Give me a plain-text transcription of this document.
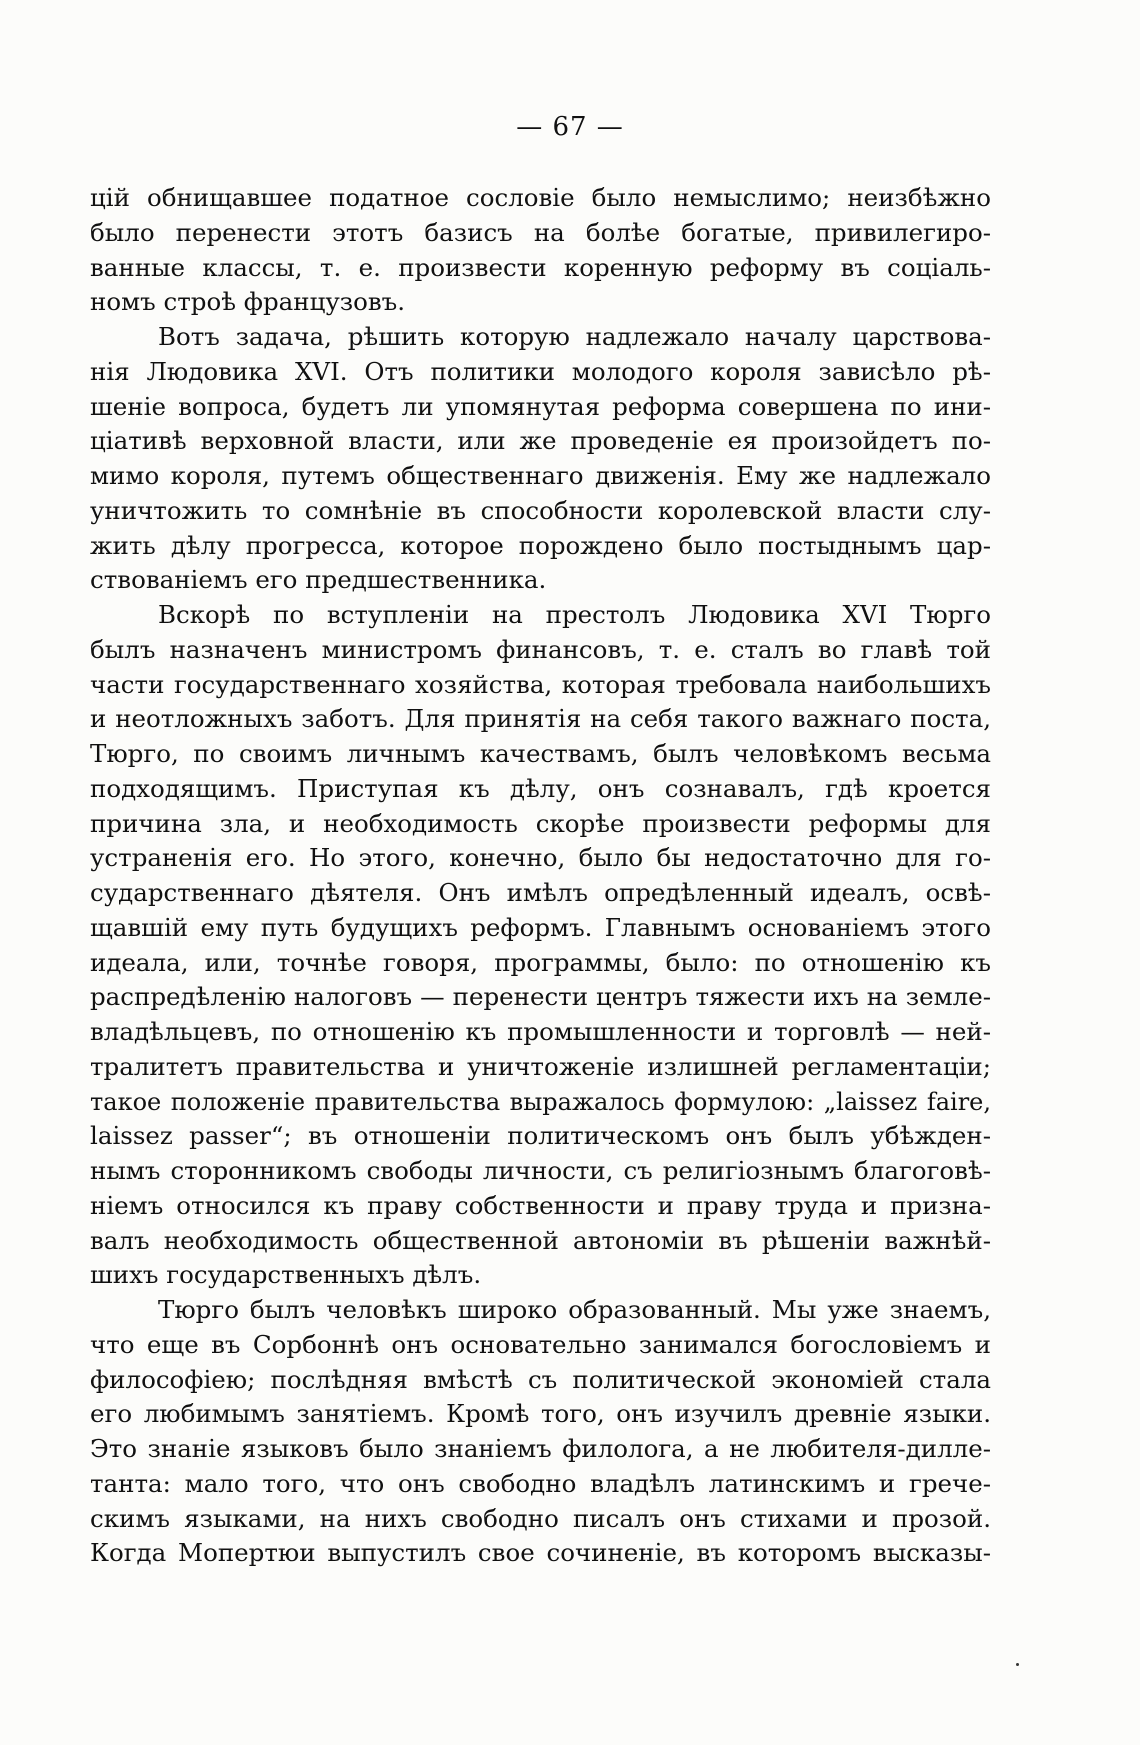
— 67 —
цій обнищавшее податное сословіе было немыслимо; неизбѣжно
было перенести этотъ базисъ на болѣе богатые, привилегиро-
ванные классы, т. е. произвести коренную реформу въ соціаль-
номъ строѣ французовъ.
Вотъ задача, рѣшить которую надлежало началу царствова-
нія Людовика XVI. Отъ политики молодого короля зависѣло рѣ-
шеніе вопроса, будетъ ли упомянутая реформа совершена по ини-
ціативѣ верховной власти, или же проведеніе ея произойдетъ по-
мимо короля, путемъ общественнаго движенія. Ему же надлежало
уничтожить то сомнѣніе въ способности королевской власти слу-
жить дѣлу прогресса, которое порождено было постыднымъ цар-
ствованіемъ его предшественника.
Вскорѣ по вступленіи на престолъ Людовика XVI Тюрго
былъ назначенъ министромъ финансовъ, т. е. сталъ во главѣ той
части государственнаго хозяйства, которая требовала наибольшихъ
и неотложныхъ заботъ. Для принятія на себя такого важнаго поста,
Тюрго, по своимъ личнымъ качествамъ, былъ человѣкомъ весьма
подходящимъ. Приступая къ дѣлу, онъ сознавалъ, гдѣ кроется
причина зла, и необходимость скорѣе произвести реформы для
устраненія его. Но этого, конечно, было бы недостаточно для го-
сударственнаго дѣятеля. Онъ имѣлъ опредѣленный идеалъ, освѣ-
щавшій ему путь будущихъ реформъ. Главнымъ основаніемъ этого
идеала, или, точнѣе говоря, программы, было: по отношенію къ
распредѣленію налоговъ — перенести центръ тяжести ихъ на земле-
владѣльцевъ, по отношенію къ промышленности и торговлѣ — ней-
тралитетъ правительства и уничтоженіе излишней регламентаціи;
такое положеніе правительства выражалось формулою: „laissez faire,
laissez passer“; въ отношеніи политическомъ онъ былъ убѣжден-
нымъ сторонникомъ свободы личности, съ религіознымъ благоговѣ-
ніемъ относился къ праву собственности и праву труда и призна-
валъ необходимость общественной автономіи въ рѣшеніи важнѣй-
шихъ государственныхъ дѣлъ.
Тюрго былъ человѣкъ широко образованный. Мы уже знаемъ,
что еще въ Сорбоннѣ онъ основательно занимался богословіемъ и
философіею; послѣдняя вмѣстѣ съ политической экономіей стала
его любимымъ занятіемъ. Кромѣ того, онъ изучилъ древніе языки.
Это знаніе языковъ было знаніемъ филолога, а не любителя-дилле-
танта: мало того, что онъ свободно владѣлъ латинскимъ и грече-
скимъ языками, на нихъ свободно писалъ онъ стихами и прозой.
Когда Мопертюи выпустилъ свое сочиненіе, въ которомъ высказы-
